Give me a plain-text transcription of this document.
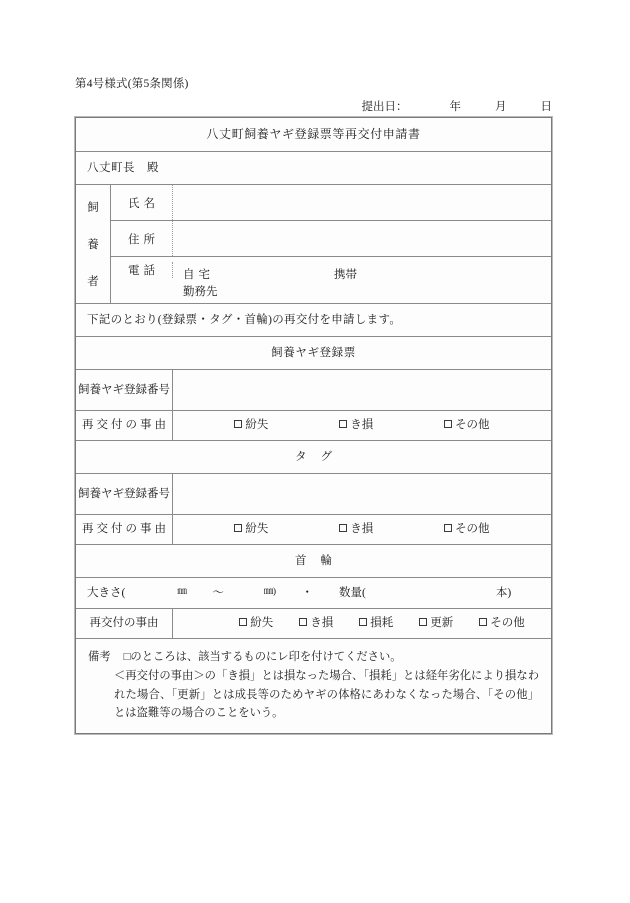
第4号様式(第5条関係)
提出日：	年	月	日
八丈町飼養ヤギ登録票等再交付申請書
八丈町長　殿
飼
養
者
氏名
住所
電話	自宅	携帯
勤務先
下記のとおり(登録票・タグ・首輪)の再交付を申請します。
飼養ヤギ登録票
飼養ヤギ登録番号
再交付の事由	紛失	き損	その他
タグ
飼養ヤギ登録番号
再交付の事由	紛失	き損	その他
首輪
大きさ(	㎜ ～	㎜) ・ 数量(	本)
再交付の事由	紛失	き損	損耗	更新	その他
備考 □のところは、該当するものにレ印を付けてください。
＜再交付の事由＞の「き損」とは損なった場合、「損耗」とは経年劣化により損なわれた場合、「更新」とは成長等のためヤギの体格にあわなくなった場合、「その他」とは盗難等の場合のことをいう。
